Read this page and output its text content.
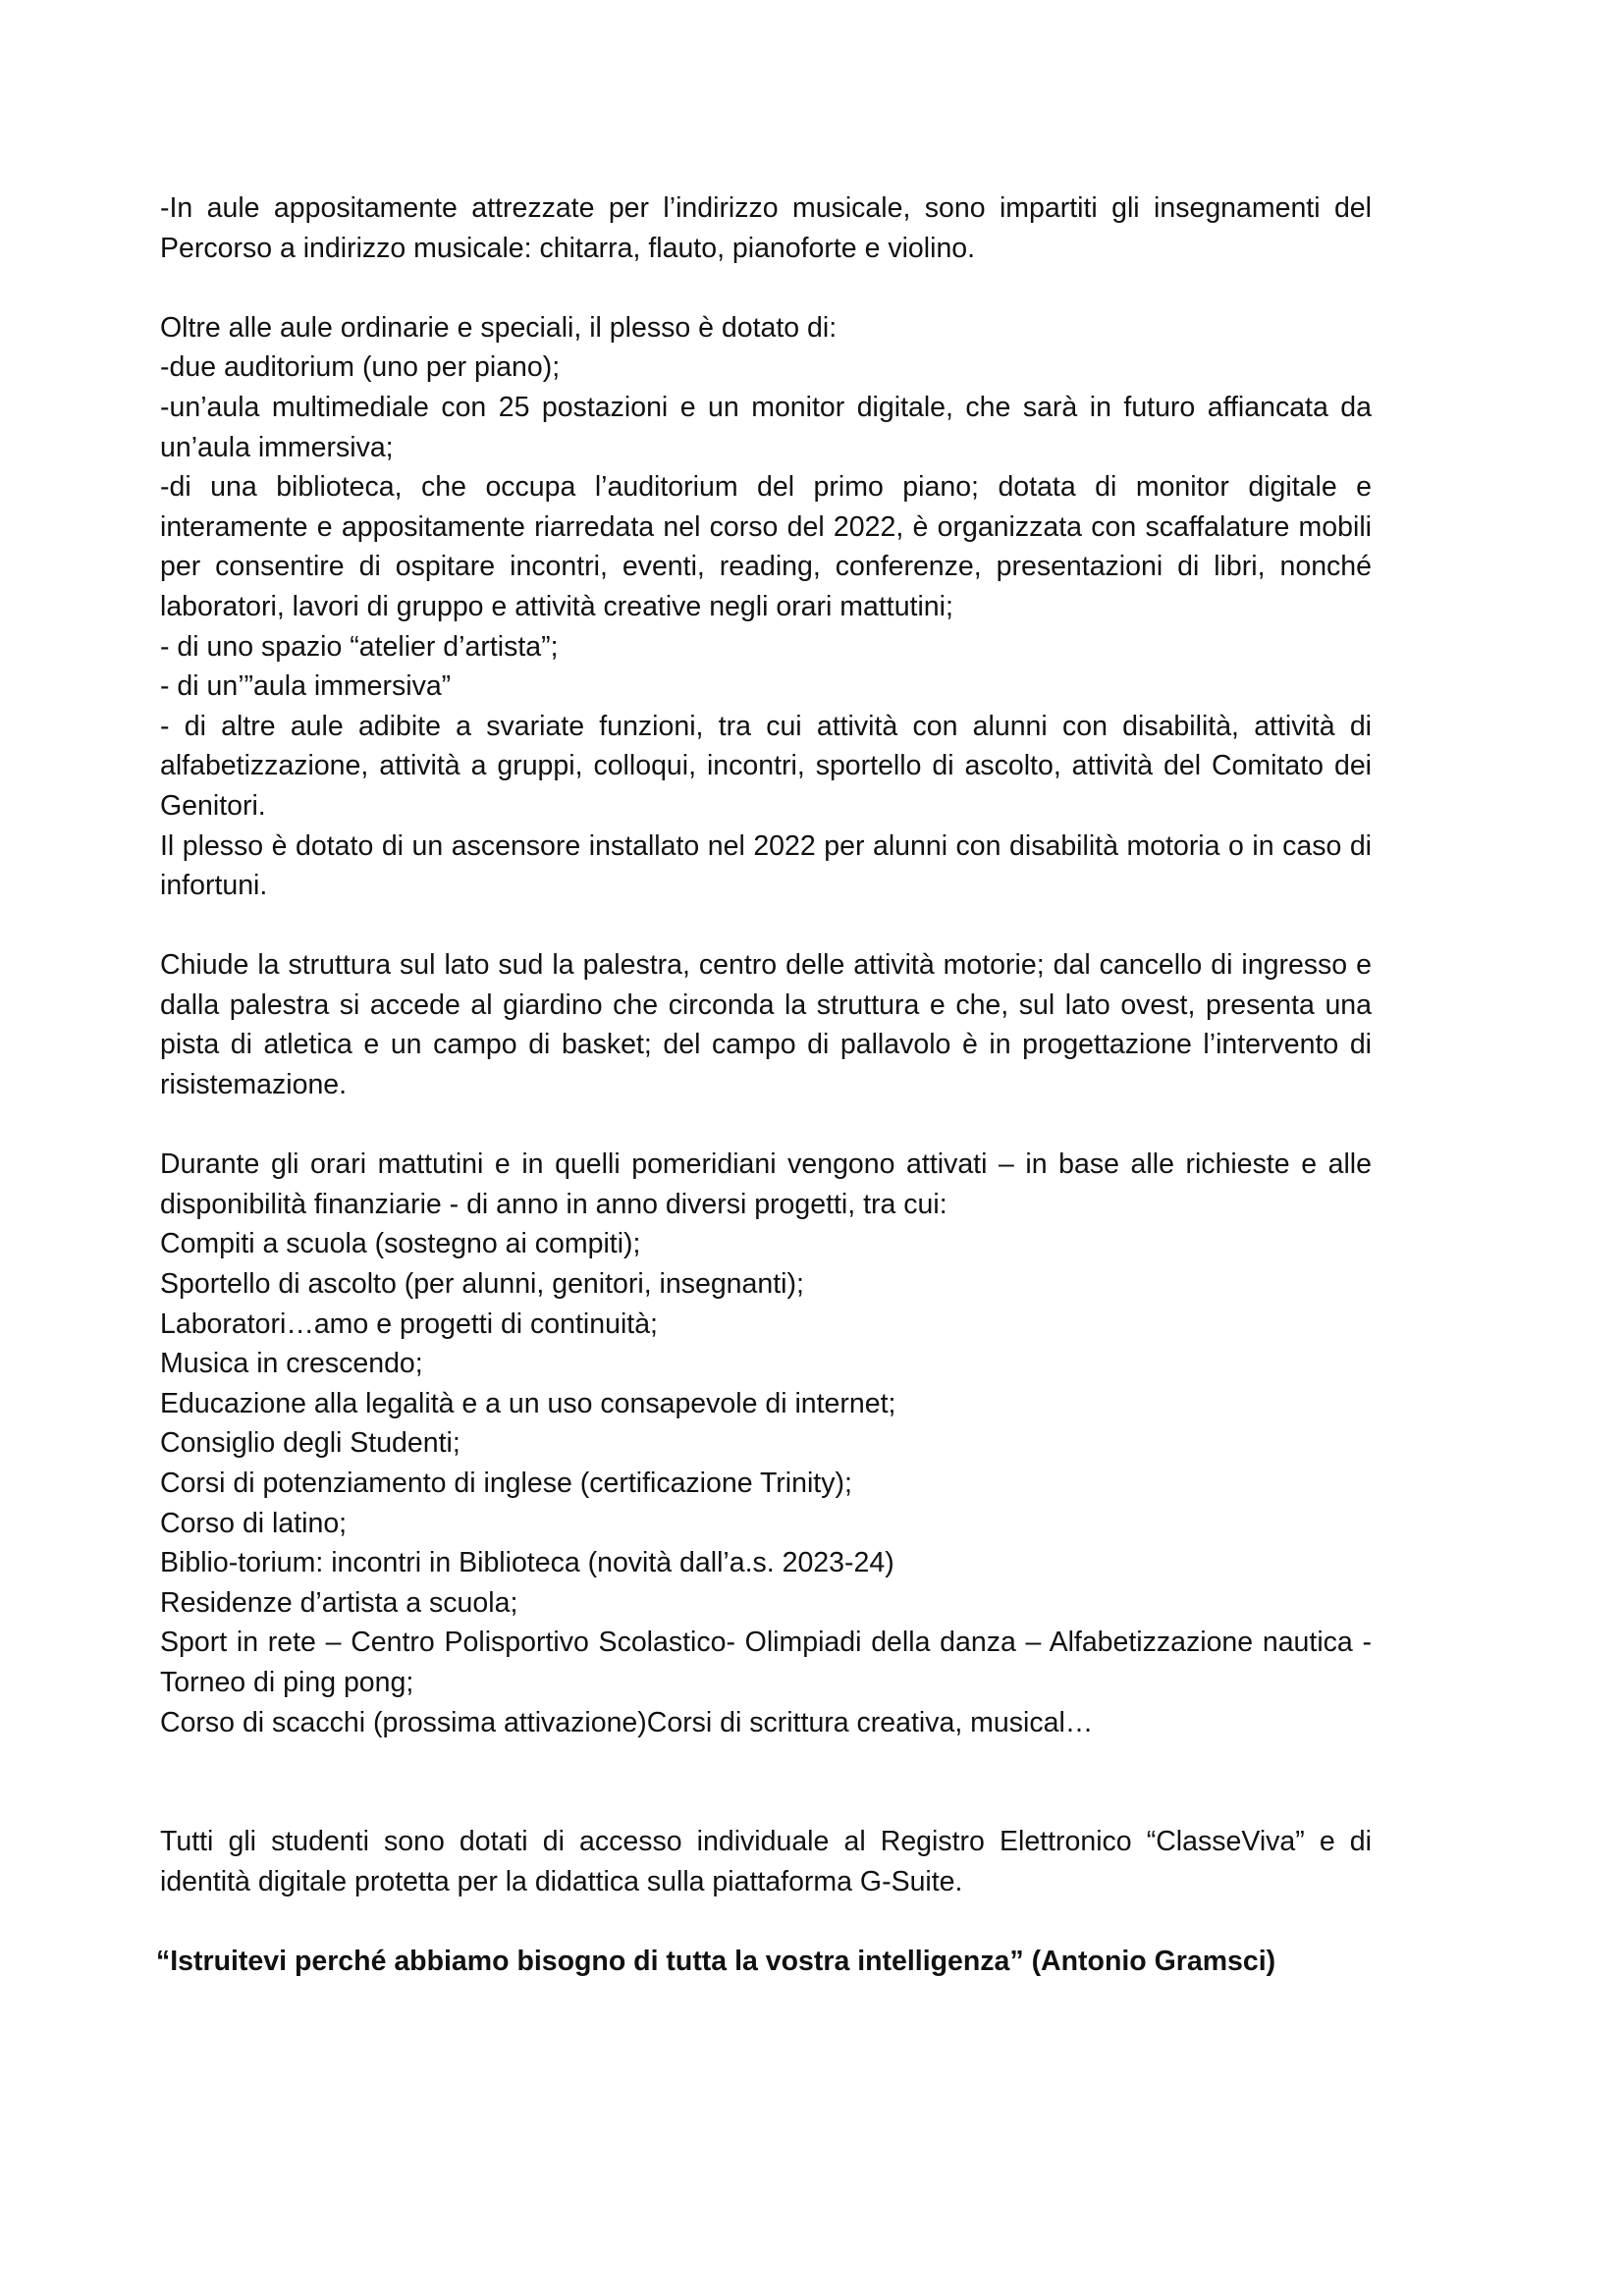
-In aule appositamente attrezzate per l’indirizzo musicale, sono impartiti gli insegnamenti del Percorso a indirizzo musicale: chitarra, flauto, pianoforte e violino.

Oltre alle aule ordinarie e speciali, il plesso è dotato di:

-due auditorium (uno per piano);

-un’aula multimediale con 25 postazioni e un monitor digitale, che sarà in futuro affiancata da un’aula immersiva;

-di una biblioteca, che occupa l’auditorium del primo piano; dotata di monitor digitale e interamente e appositamente riarredata nel corso del 2022, è organizzata con scaffalature mobili per consentire di ospitare incontri, eventi, reading, conferenze, presentazioni di libri, nonché laboratori, lavori di gruppo e attività creative negli orari mattutini;

- di uno spazio “atelier d’artista”;

- di un’”aula immersiva”

- di altre aule adibite a svariate funzioni, tra cui attività con alunni con disabilità, attività di alfabetizzazione, attività a gruppi, colloqui, incontri, sportello di ascolto, attività del Comitato dei Genitori.

Il plesso è dotato di un ascensore installato nel 2022 per alunni con disabilità motoria o in caso di infortuni.

Chiude la struttura sul lato sud la palestra, centro delle attività motorie; dal cancello di ingresso e dalla palestra si accede al giardino che circonda la struttura e che, sul lato ovest, presenta una pista di atletica e un campo di basket; del campo di pallavolo è in progettazione l’intervento di risistemazione.

Durante gli orari mattutini e in quelli pomeridiani vengono attivati – in base alle richieste e alle disponibilità finanziarie - di anno in anno diversi progetti, tra cui:

Compiti a scuola (sostegno ai compiti);

Sportello di ascolto (per alunni, genitori, insegnanti);

Laboratori…amo e progetti di continuità;

Musica in crescendo;

Educazione alla legalità e a un uso consapevole di internet;

Consiglio degli Studenti;

Corsi di potenziamento di inglese (certificazione Trinity);

Corso di latino;

Biblio-torium: incontri in Biblioteca (novità dall’a.s. 2023-24)

Residenze d’artista a scuola;

Sport in rete – Centro Polisportivo Scolastico- Olimpiadi della danza – Alfabetizzazione nautica - Torneo di ping pong;

Corso di scacchi (prossima attivazione)Corsi di scrittura creativa, musical…

Tutti gli studenti sono dotati di accesso individuale al Registro Elettronico “ClasseViva” e di identità digitale protetta per la didattica sulla piattaforma G-Suite.

“Istruitevi perché abbiamo bisogno di tutta la vostra intelligenza” (Antonio Gramsci)
